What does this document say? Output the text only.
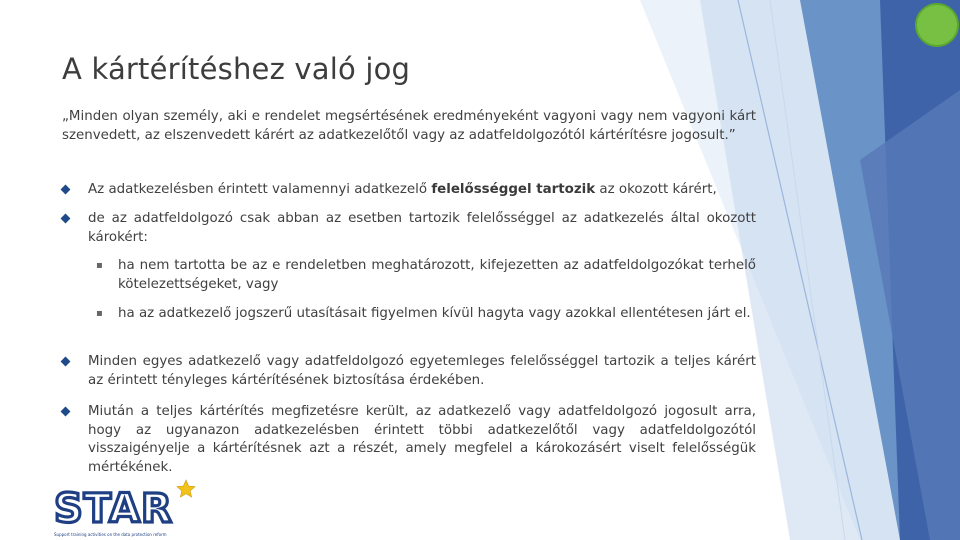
A kártérítéshez való jog

„Minden olyan személy, aki e rendelet megsértésének eredményeként vagyoni vagy nem vagyoni kárt szenvedett, az elszenvedett kárért az adatkezelőtől vagy az adatfeldolgozótól kártérítésre jogosult.”

Az adatkezelésben érintett valamennyi adatkezelő felelősséggel tartozik az okozott kárért,
de az adatfeldolgozó csak abban az esetben tartozik felelősséggel az adatkezelés által okozott károkért:
▪ ha nem tartotta be az e rendeletben meghatározott, kifejezetten az adatfeldolgozókat terhelő kötelezettségeket, vagy
▪ ha az adatkezelő jogszerű utasításait figyelmen kívül hagyta vagy azokkal ellentétesen járt el.
Minden egyes adatkezelő vagy adatfeldolgozó egyetemleges felelősséggel tartozik a teljes kárért az érintett tényleges kártérítésének biztosítása érdekében.
Miután a teljes kártérítés megfizetésre került, az adatkezelő vagy adatfeldolgozó jogosult arra, hogy az ugyanazon adatkezelésben érintett többi adatkezelőtől vagy adatfeldolgozótól visszaigényelje a kártérítésnek azt a részét, amely megfelel a károkozásért viselt felelősségük mértékének.
STAR
Support training activities on the data protection reform
